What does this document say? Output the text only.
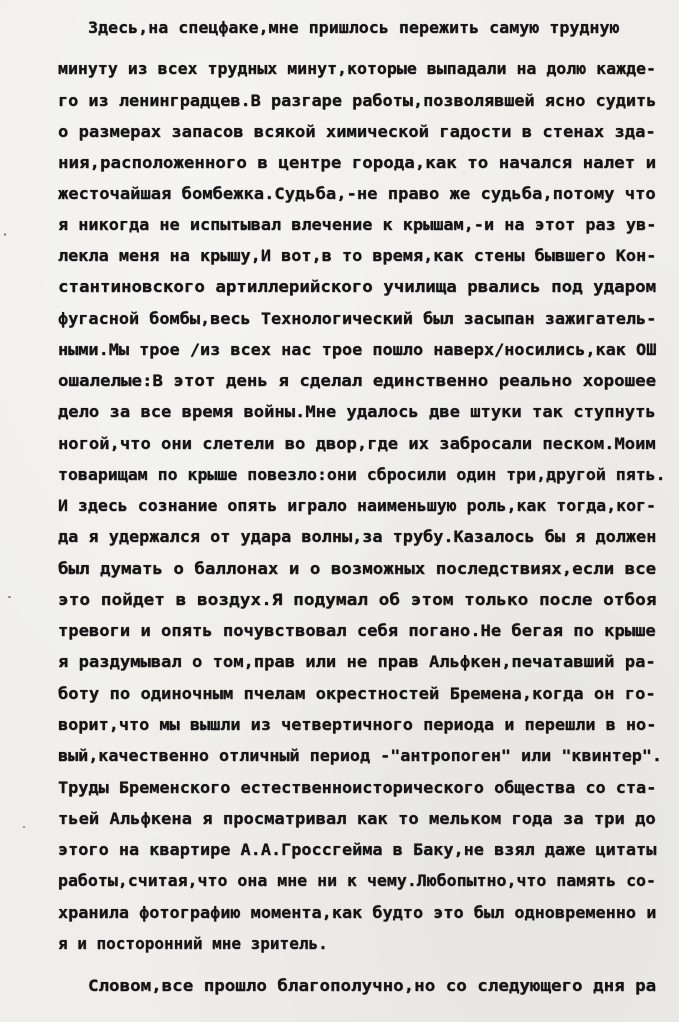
Здесь,на спецфаке,мне пришлось пережить самую трудную
минуту из всех трудных минут,которые выпадали на долю кажде-
го из ленинградцев.В разгаре работы,позволявшей ясно судить
о размерах запасов всякой химической гадости в стенах зда-
ния,расположенного в центре города,как то начался налет и
жесточайшая бомбежка.Судьба,-не право же судьба,потому что
я никогда не испытывал влечение к крышам,-и на этот раз ув-
лекла меня на крышу,И вот,в то время,как стены бывшего Кон-
стантиновского артиллерийского училища рвались под ударом
фугасной бомбы,весь Технологический был засыпан зажигатель-
ными.Мы трое /из всех нас трое пошло наверх/носились,как ОШ
ошалелые:В этот день я сделал единственно реально хорошее
дело за все время войны.Мне удалось две штуки так ступнуть
ногой,что они слетели во двор,где их забросали песком.Моим
товарищам по крыше повезло:они сбросили один три,другой пять.
И здесь сознание опять играло наименьшую роль,как тогда,ког-
да я удержался от удара волны,за трубу.Казалось бы я должен
был думать о баллонах и о возможных последствиях,если все
это пойдет в воздух.Я подумал об этом только после отбоя
тревоги и опять почувствовал себя погано.Не бегая по крыше
я раздумывал о том,прав или не прав Альфкен,печатавший ра-
боту по одиночным пчелам окрестностей Бремена,когда он го-
ворит,что мы вышли из четвертичного периода и перешли в но-
вый,качественно отличный период -"антропоген" или "квинтер".
Труды Бременского естественноисторического общества со ста-
тьей Альфкена я просматривал как то мельком года за три до
этого на квартире А.А.Гроссгейма в Баку,не взял даже цитаты
работы,считая,что она мне ни к чему.Любопытно,что память со-
хранила фотографию момента,как будто это был одновременно и
я и посторонний мне зритель.
Словом,все прошло благополучно,но со следующего дня ра
